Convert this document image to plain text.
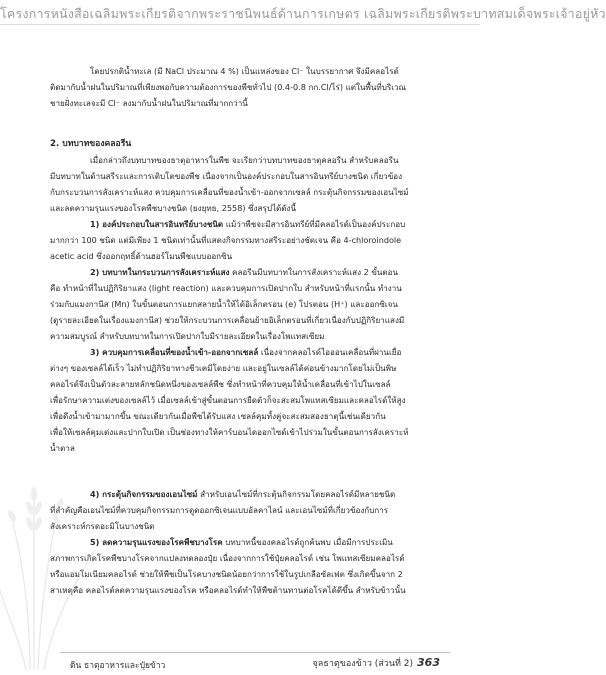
โครงการหนังสือเฉลิมพระเกียรติจากพระราชนิพนธ์ด้านการเกษตร เฉลิมพระเกียรติพระบาทสมเด็จพระเจ้าอยู่หัว
โดยปรกติน้ำทะเล (มี NaCl ประมาณ 4 %) เป็นแหล่งของ Cl⁻ ในบรรยากาศ จึงมีคลอไรด์
ติดมากับน้ำฝนในปริมาณที่เพียงพอกับความต้องการของพืชทั่วไป (0.4-0.8 กก.Cl/ไร่) แต่ในพื้นที่บริเวณ
ชายฝั่งทะเลจะมี Cl⁻ ลงมากับน้ำฝนในปริมาณที่มากกว่านี้
2. บทบาทของคลอรีน
เมื่อกล่าวถึงบทบาทของธาตุอาหารในพืช จะเรียกว่าบทบาทของธาตุคลอรีน สำหรับคลอรีน
มีบทบาทในด้านสรีระและการเติบโตของพืช เนื่องจากเป็นองค์ประกอบในสารอินทรีย์บางชนิด เกี่ยวข้อง
กับกระบวนการสังเคราะห์แสง ควบคุมการเคลื่อนที่ของน้ำเข้า-ออกจากเซลล์ กระตุ้นกิจกรรมของเอนไซม์
และลดความรุนแรงของโรคพืชบางชนิด (ยงยุทธ, 2558) ซึ่งสรุปได้ดังนี้
1) องค์ประกอบในสารอินทรีย์บางชนิด แม้ว่าพืชจะมีสารอินทรีย์ที่มีคลอไรด์เป็นองค์ประกอบ
มากกว่า 100 ชนิด แต่มีเพียง 1 ชนิดเท่านั้นที่แสดงกิจกรรมทางสรีระอย่างชัดเจน คือ 4-chloroindole
acetic acid ซึ่งออกฤทธิ์ด้านฮอร์โมนพืชแบบออกซิน
2) บทบาทในกระบวนการสังเคราะห์แสง คลอรีนมีบทบาทในการสังเคราะห์แสง 2 ขั้นตอน
คือ ทำหน้าที่ในปฏิกิริยาแสง (light reaction) และควบคุมการเปิดปากใบ สำหรับหน้าที่แรกนั้น ทำงาน
ร่วมกับแมงกานีส (Mn) ในขั้นตอนการแยกสลายน้ำให้ได้อิเล็กตรอน (e) โปรตอน (H⁺) และออกซิเจน
(ดูรายละเอียดในเรื่องแมงกานีส) ช่วยให้กระบวนการเคลื่อนย้ายอิเล็กตรอนที่เกี่ยวเนื่องกับปฏิกิริยาแสงมี
ความสมบูรณ์ สำหรับบทบาทในการเปิดปากใบมีรายละเอียดในเรื่องโพแทสเซียม
3) ควบคุมการเคลื่อนที่ของน้ำเข้า-ออกจากเซลล์ เนื่องจากคลอไรด์ไอออนเคลื่อนที่ผ่านเยื่อ
ต่างๆ ของเซลล์ได้เร็ว ไม่ทำปฏิกิริยาทางชีวเคมีโดยง่าย และอยู่ในเซลล์ได้ค่อนข้างมากโดยไม่เป็นพิษ
คลอไรด์จึงเป็นตัวละลายหลักชนิดหนึ่งของเซลล์พืช ซึ่งทำหน้าที่ควบคุมให้น้ำเคลื่อนที่เข้าไปในเซลล์
เพื่อรักษาความเต่งของเซลล์ไว้ เมื่อเซลล์เข้าสู่ขั้นตอนการยืดตัวก็จะสะสมโพแทสเซียมและคลอไรด์ให้สูง
เพื่อดึงน้ำเข้ามามากขึ้น ขณะเดียวกันเมื่อพืชได้รับแสง เซลล์คุมทั้งคู่จะสะสมสองธาตุนี้เช่นเดียวกัน
เพื่อให้เซลล์คุมเต่งและปากใบเปิด เป็นช่องทางให้คาร์บอนไดออกไซด์เข้าไปร่วมในขั้นตอนการสังเคราะห์
น้ำตาล
4) กระตุ้นกิจกรรมของเอนไซม์ สำหรับเอนไซม์ที่กระตุ้นกิจกรรมโดยคลอไรด์มีหลายชนิด
ที่สำคัญคือเอนไซม์ที่ควบคุมกิจกรรมการดูดออกซิเจนแบบอัลคาไลน์ และเอนไซม์ที่เกี่ยวข้องกับการ
สังเคราะห์กรดอะมิโนบางชนิด
5) ลดความรุนแรงของโรคพืชบางโรค บทบาทนี้ของคลอไรด์ถูกค้นพบ เมื่อมีการประเมิน
สภาพการเกิดโรคพืชบางโรคจากแปลงทดลองปุ๋ย เนื่องจากการใช้ปุ๋ยคลอไรด์ เช่น โพแทสเซียมคลอไรด์
หรือแอมโมเนียมคลอไรด์ ช่วยให้พืชเป็นโรคบางชนิดน้อยกว่าการใช้ในรูปเกลือซัลเฟต ซึ่งเกิดขึ้นจาก 2
สาเหตุคือ คลอไรด์ลดความรุนแรงของโรค หรือคลอไรด์ทำให้พืชต้านทานต่อโรคได้ดีขึ้น สำหรับข้าวนั้น
ดิน ธาตุอาหารและปุ๋ยข้าว	จุลธาตุของข้าว (ส่วนที่ 2) 363
